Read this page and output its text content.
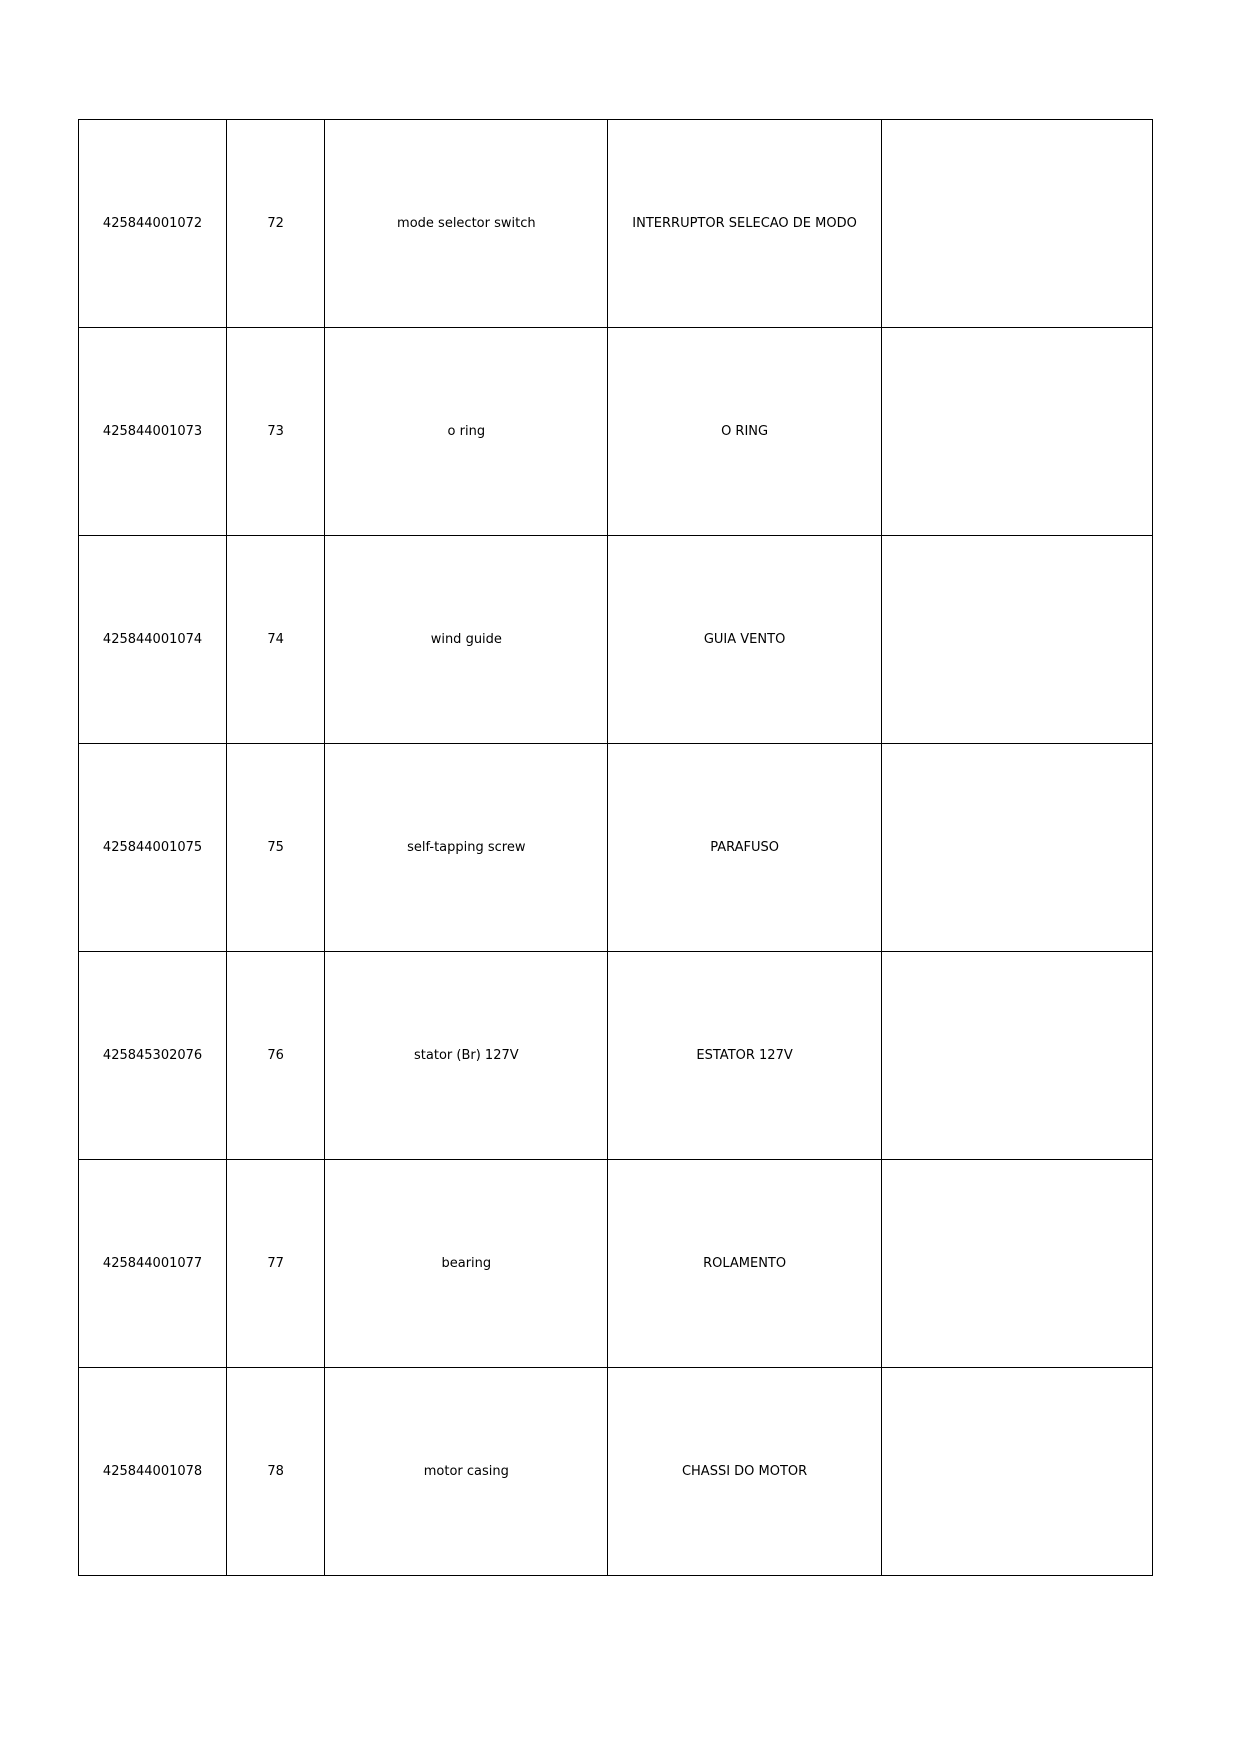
425844001072	72	mode selector switch	INTERRUPTOR SELECAO DE MODO	
425844001073	73	o ring	O RING	
425844001074	74	wind guide	GUIA VENTO	
425844001075	75	self-tapping screw	PARAFUSO	
425845302076	76	stator (Br) 127V	ESTATOR 127V	
425844001077	77	bearing	ROLAMENTO	
425844001078	78	motor casing	CHASSI DO MOTOR	
